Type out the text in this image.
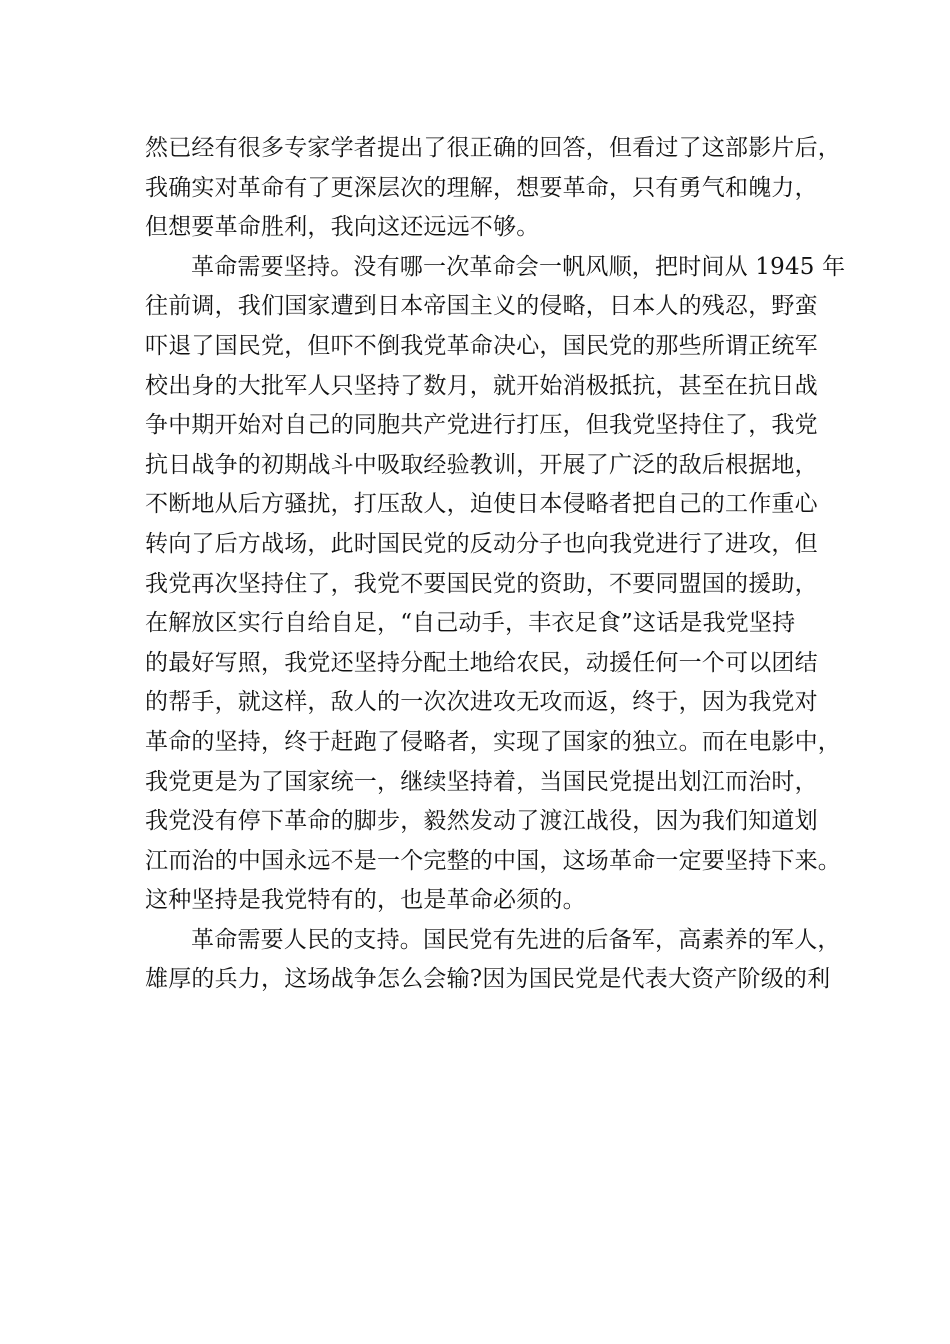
然已经有很多专家学者提出了很正确的回答，但看过了这部影片后，
我确实对革命有了更深层次的理解，想要革命，只有勇气和魄力，
但想要革命胜利，我向这还远远不够。
革命需要坚持。没有哪一次革命会一帆风顺，把时间从 1945 年
往前调，我们国家遭到日本帝国主义的侵略，日本人的残忍，野蛮
吓退了国民党，但吓不倒我党革命决心，国民党的那些所谓正统军
校出身的大批军人只坚持了数月，就开始消极抵抗，甚至在抗日战
争中期开始对自己的同胞共产党进行打压，但我党坚持住了，我党
抗日战争的初期战斗中吸取经验教训，开展了广泛的敌后根据地，
不断地从后方骚扰，打压敌人，迫使日本侵略者把自己的工作重心
转向了后方战场，此时国民党的反动分子也向我党进行了进攻，但
我党再次坚持住了，我党不要国民党的资助，不要同盟国的援助，
在解放区实行自给自足，“自己动手，丰衣足食”这话是我党坚持
的最好写照，我党还坚持分配土地给农民，动援任何一个可以团结
的帮手，就这样，敌人的一次次进攻无攻而返，终于，因为我党对
革命的坚持，终于赶跑了侵略者，实现了国家的独立。而在电影中，
我党更是为了国家统一，继续坚持着，当国民党提出划江而治时，
我党没有停下革命的脚步，毅然发动了渡江战役，因为我们知道划
江而治的中国永远不是一个完整的中国，这场革命一定要坚持下来。
这种坚持是我党特有的，也是革命必须的。
革命需要人民的支持。国民党有先进的后备军，高素养的军人，
雄厚的兵力，这场战争怎么会输?因为国民党是代表大资产阶级的利
